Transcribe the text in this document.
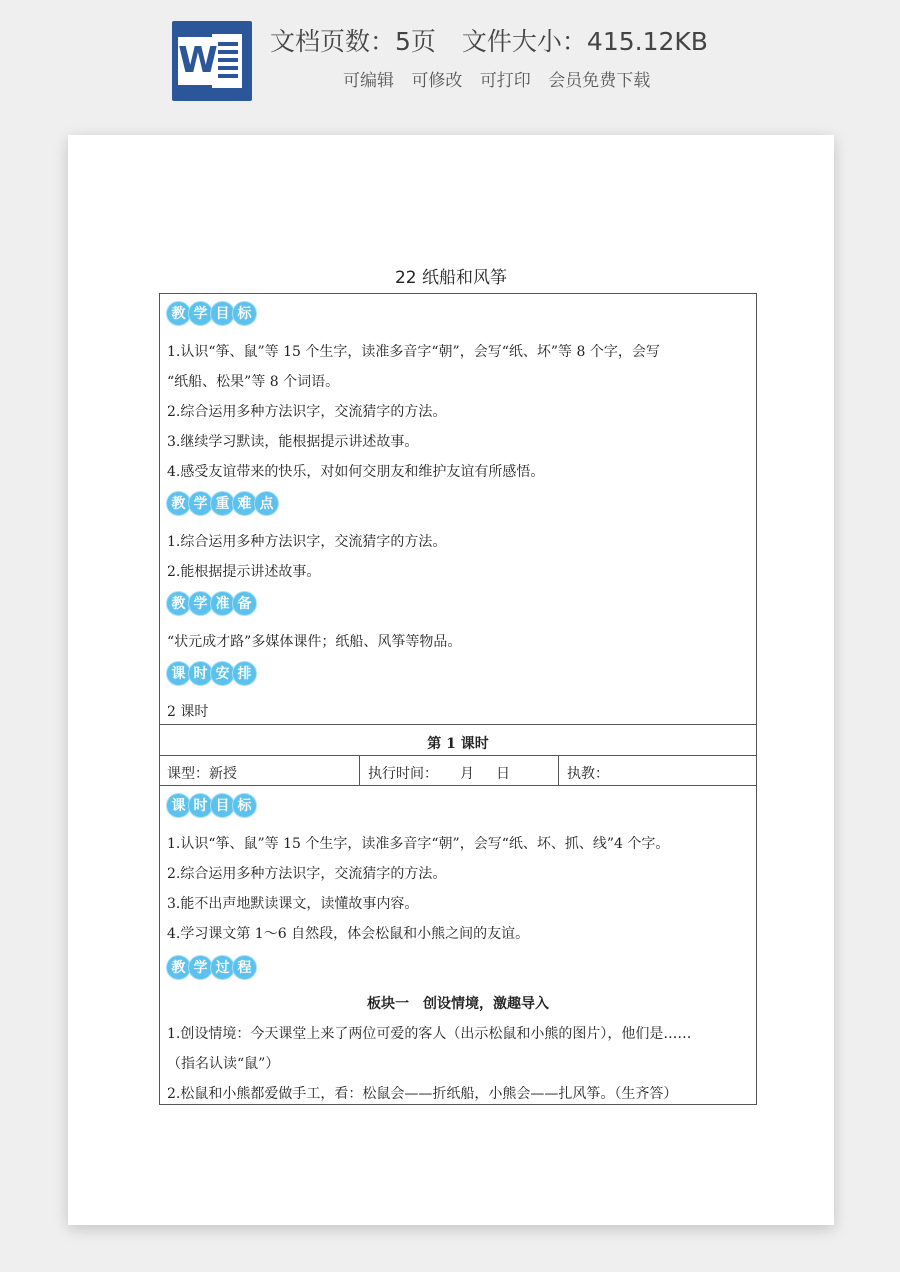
W 文档页数：5页 文件大小：415.12KB
可编辑 可修改 可打印 会员免费下载
22 纸船和风筝
教 学 目 标
1.认识“筝、鼠”等 15 个生字，读准多音字“朝”，会写“纸、坏”等 8 个字，会写
“纸船、松果”等 8 个词语。
2.综合运用多种方法识字，交流猜字的方法。
3.继续学习默读，能根据提示讲述故事。
4.感受友谊带来的快乐，对如何交朋友和维护友谊有所感悟。
教 学 重 难 点
1.综合运用多种方法识字，交流猜字的方法。
2.能根据提示讲述故事。
教 学 准 备
“状元成才路”多媒体课件；纸船、风筝等物品。
课 时 安 排
2 课时
第 1 课时
课型：新授	执行时间： 月 日	执教：
课 时 目 标
1.认识“筝、鼠”等 15 个生字，读准多音字“朝”，会写“纸、坏、抓、线”4 个字。
2.综合运用多种方法识字，交流猜字的方法。
3.能不出声地默读课文，读懂故事内容。
4.学习课文第 1～6 自然段，体会松鼠和小熊之间的友谊。
教 学 过 程
板块一　创设情境，激趣导入
1.创设情境：今天课堂上来了两位可爱的客人（出示松鼠和小熊的图片），他们是……
（指名认读“鼠”）
2.松鼠和小熊都爱做手工，看：松鼠会——折纸船，小熊会——扎风筝。（生齐答）
